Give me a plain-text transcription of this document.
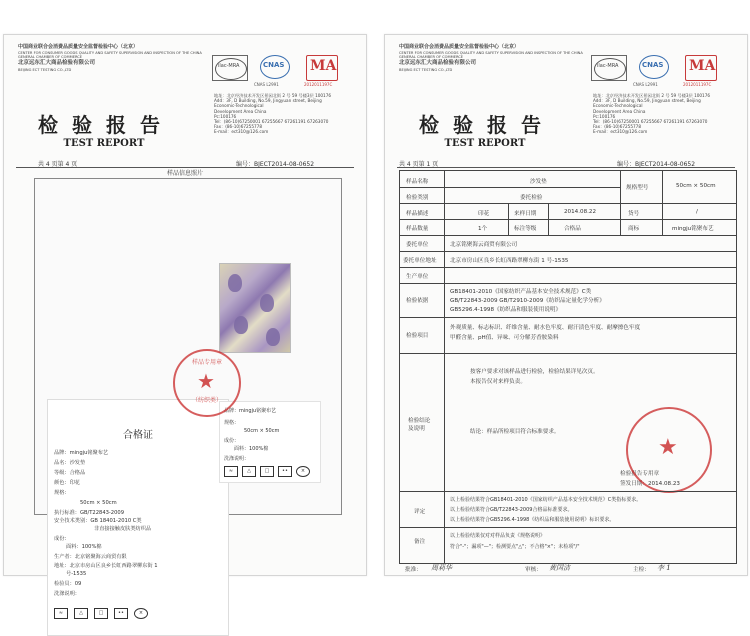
中国商业联合会消费品质量安全监督检验中心（北京）
CENTER FOR CONSUMER GOODS QUALITY AND SAFETY SUPERVISION AND INSPECTION OF THE CHINA
GENERAL CHAMBER OF COMMERCE
北京远东汇大商品检验有限公司
BEIJING ECT TESTING CO.,LTD
ilac-MRA	CNAS MA
CNAS L2991	2012011197C
地址：北京经济技术开发区景园北街 2 号 59 号楼3层 100176
Add：3F, D Building, No.59, Jingyuan street, Beijing
Economic-Technological
Development Area China
Pc:100176
Tel：(86-10)67250001 67255667 67261191 67263070
Fax：(86-10)67255778
E-mail：ect310@126.com
检验报告
TEST REPORT
共 4 页第 4 页	编号：BJECT2014-08-0652
样品信息照片
合格证
品牌：mingju铭聚布艺
品名：沙发垫
等级：合格品
颜色：印花
规格：
50cm × 50cm
执行标准：GB/T22843-2009
安全技术类别：GB 18401-2010 C类
非直接接触皮肤类纺织品
成份：
面料：100%棉
生产者：北京铭聚海云商贸有限
地址：北京市房山区良乡长虹西路翠柳东街 1
号-1535
检验员：09
洗涤说明：
≈	△	□	••	×
品牌：mingju铭聚布艺
规格：
50cm × 50cm
成份：
面料：100%棉
洗涤说明：
≈	△	□	••	×
样品专用章
★
（纺织类）
中国商业联合会消费品质量安全监督检验中心（北京）
CENTER FOR CONSUMER GOODS QUALITY AND SAFETY SUPERVISION AND INSPECTION OF THE CHINA
GENERAL CHAMBER OF COMMERCE
北京远东汇大商品检验有限公司
BEIJING ECT TESTING CO.,LTD
ilac-MRA	CNAS MA
CNAS L2991	2012011197C
地址：北京经济技术开发区景园北街 2 号 59 号楼3层 100176
Add：3F, D Building, No.59, Jingyuan street, Beijing
Economic-Technological
Development Area China
Pc:100176
Tel：(86-10)67250001 67255667 67261191 67263070
Fax：(86-10)67255778
E-mail：ect310@126.com
检验报告
TEST REPORT
共 4 页第 1 页	编号：BJECT2014-08-0652
样品名称	沙发垫
规格型号	50cm × 50cm
检验类别	委托检验
样品描述	印花	来样日期	2014.08.22	货号	/
样品数量	1个	标注等级	合格品	商标	mingju铭聚布艺
委托单位	北京铭聚海云商贸有限公司
委托单位地址 北京市房山区良乡长虹西路翠柳东街 1 号-1535
生产单位
检验依据
GB18401-2010《国家纺织产品基本安全技术规范》C类
GB/T22843-2009 GB/T2910-2009《纺织品定量化学分析》
GB5296.4-1998《纺织品和服装使用说明》
检验项目
外观质量、标志标识、纤维含量、耐水色牢度、耐汗渍色牢度、耐摩擦色牢度
甲醛含量、pH值、异味、可分解芳香胺染料
检验结论
及说明
按客户要求对该样品进行检验，检验结果详见次页。
本报告仅对来样负责。
结论：样品所检项目符合标准要求。
检验报告专用章
签发日期：2014.08.23
★
评定
以上检验结果符合GB18401-2010《国家纺织产品基本安全技术规范》C类指标要求。
以上检验结果符合GB/T22843-2009合格品标准要求。
以上检验结果符合GB5296.4-1998《纺织品和服装使用说明》标识要求。
备注
以上检验结果仅对对样品负责《规格说明》
符合"-"；漏项"—"；检测要点"△"；不合格"×"；未检项"/"
批准： 周莉华	审核： 黄国洁	主检： 李 1
